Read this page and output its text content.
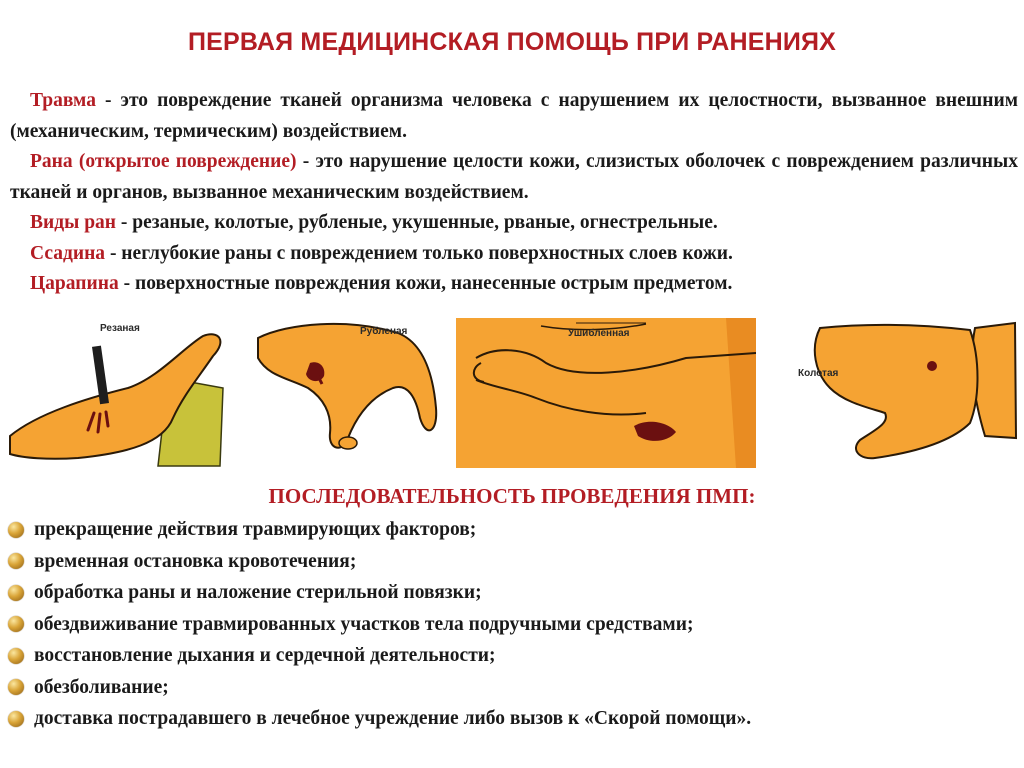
ПЕРВАЯ МЕДИЦИНСКАЯ ПОМОЩЬ ПРИ РАНЕНИЯХ

Травма - это повреждение тканей организма человека с нарушением их целостности, вызванное внешним (механическим, термическим) воздействием.

Рана (открытое повреждение) - это нарушение целости кожи, слизистых оболочек с повреждением различных тканей и органов, вызванное механическим воздействием.

Виды ран - резаные, колотые, рубленые, укушенные, рваные, огнестрельные.

Ссадина - неглубокие раны с повреждением только поверхностных слоев кожи.

Царапина - поверхностные повреждения кожи, нанесенные острым предметом.

Резаная	Рубленая	Ушибленная
Колотая
ПОСЛЕДОВАТЕЛЬНОСТЬ ПРОВЕДЕНИЯ ПМП:
прекращение действия травмирующих факторов;
временная остановка кровотечения;
обработка раны и наложение стерильной повязки;
обездвиживание травмированных участков тела подручными средствами;
восстановление дыхания и сердечной деятельности;
обезболивание;
доставка пострадавшего в лечебное учреждение либо вызов к «Скорой помощи».
